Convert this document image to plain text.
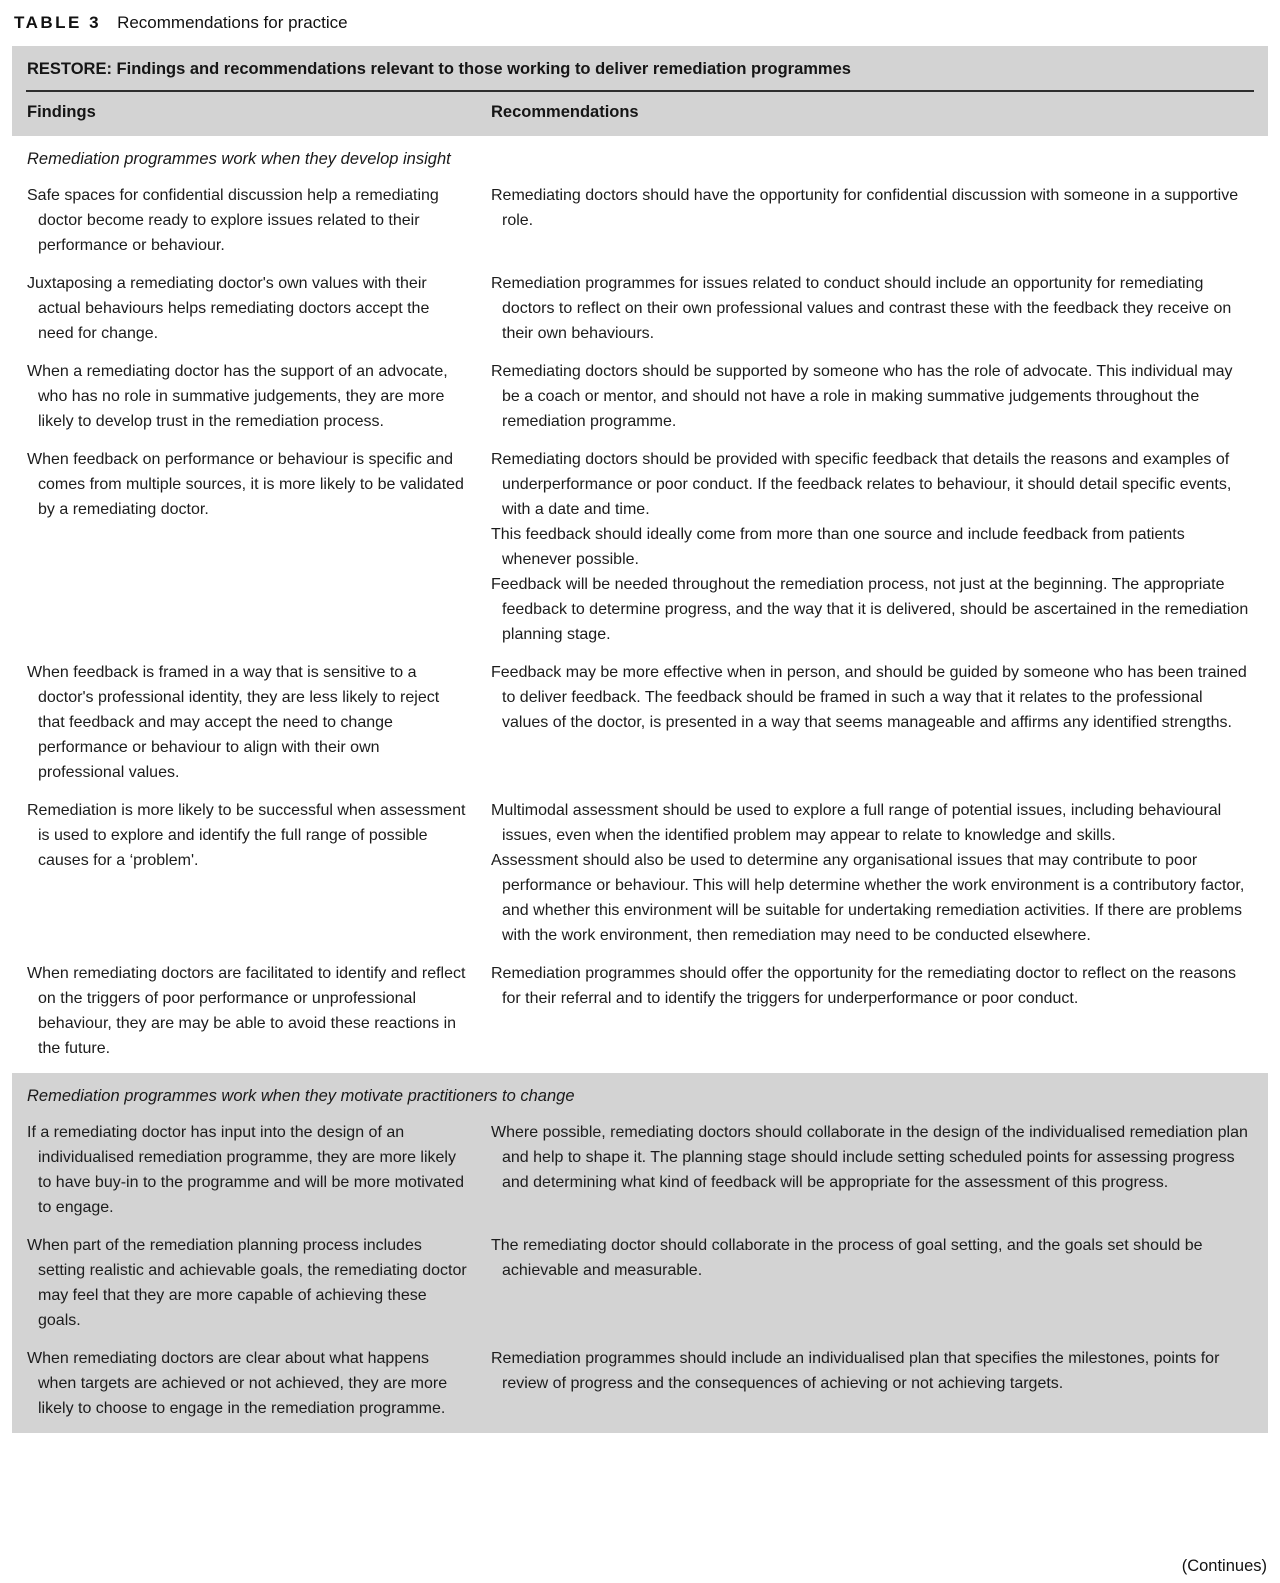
TABLE 3 Recommendations for practice
RESTORE: Findings and recommendations relevant to those working to deliver remediation programmes
Findings	Recommendations
Remediation programmes work when they develop insight

Safe spaces for confidential discussion help a remediating doctor become ready to explore issues related to their performance or behaviour.

Remediating doctors should have the opportunity for confidential discussion with someone in a supportive role.

Juxtaposing a remediating doctor's own values with their actual behaviours helps remediating doctors accept the need for change.

Remediation programmes for issues related to conduct should include an opportunity for remediating doctors to reflect on their own professional values and contrast these with the feedback they receive on their own behaviours.

When a remediating doctor has the support of an advocate, who has no role in summative judgements, they are more likely to develop trust in the remediation process.

Remediating doctors should be supported by someone who has the role of advocate. This individual may be a coach or mentor, and should not have a role in making summative judgements throughout the remediation programme.

When feedback on performance or behaviour is specific and comes from multiple sources, it is more likely to be validated by a remediating doctor.

Remediating doctors should be provided with specific feedback that details the reasons and examples of underperformance or poor conduct. If the feedback relates to behaviour, it should detail specific events, with a date and time.

This feedback should ideally come from more than one source and include feedback from patients whenever possible.

Feedback will be needed throughout the remediation process, not just at the beginning. The appropriate feedback to determine progress, and the way that it is delivered, should be ascertained in the remediation planning stage.

When feedback is framed in a way that is sensitive to a doctor's professional identity, they are less likely to reject that feedback and may accept the need to change performance or behaviour to align with their own professional values.

Feedback may be more effective when in person, and should be guided by someone who has been trained to deliver feedback. The feedback should be framed in such a way that it relates to the professional values of the doctor, is presented in a way that seems manageable and affirms any identified strengths.

Remediation is more likely to be successful when assessment is used to explore and identify the full range of possible causes for a ‘problem'.

Multimodal assessment should be used to explore a full range of potential issues, including behavioural issues, even when the identified problem may appear to relate to knowledge and skills.

Assessment should also be used to determine any organisational issues that may contribute to poor performance or behaviour. This will help determine whether the work environment is a contributory factor, and whether this environment will be suitable for undertaking remediation activities. If there are problems with the work environment, then remediation may need to be conducted elsewhere.

When remediating doctors are facilitated to identify and reflect on the triggers of poor performance or unprofessional behaviour, they are may be able to avoid these reactions in the future.

Remediation programmes should offer the opportunity for the remediating doctor to reflect on the reasons for their referral and to identify the triggers for underperformance or poor conduct.

Remediation programmes work when they motivate practitioners to change

If a remediating doctor has input into the design of an individualised remediation programme, they are more likely to have buy-in to the programme and will be more motivated to engage.

Where possible, remediating doctors should collaborate in the design of the individualised remediation plan and help to shape it. The planning stage should include setting scheduled points for assessing progress and determining what kind of feedback will be appropriate for the assessment of this progress.

When part of the remediation planning process includes setting realistic and achievable goals, the remediating doctor may feel that they are more capable of achieving these goals.

The remediating doctor should collaborate in the process of goal setting, and the goals set should be achievable and measurable.

When remediating doctors are clear about what happens when targets are achieved or not achieved, they are more likely to choose to engage in the remediation programme.

Remediation programmes should include an individualised plan that specifies the milestones, points for review of progress and the consequences of achieving or not achieving targets.

(Continues)
